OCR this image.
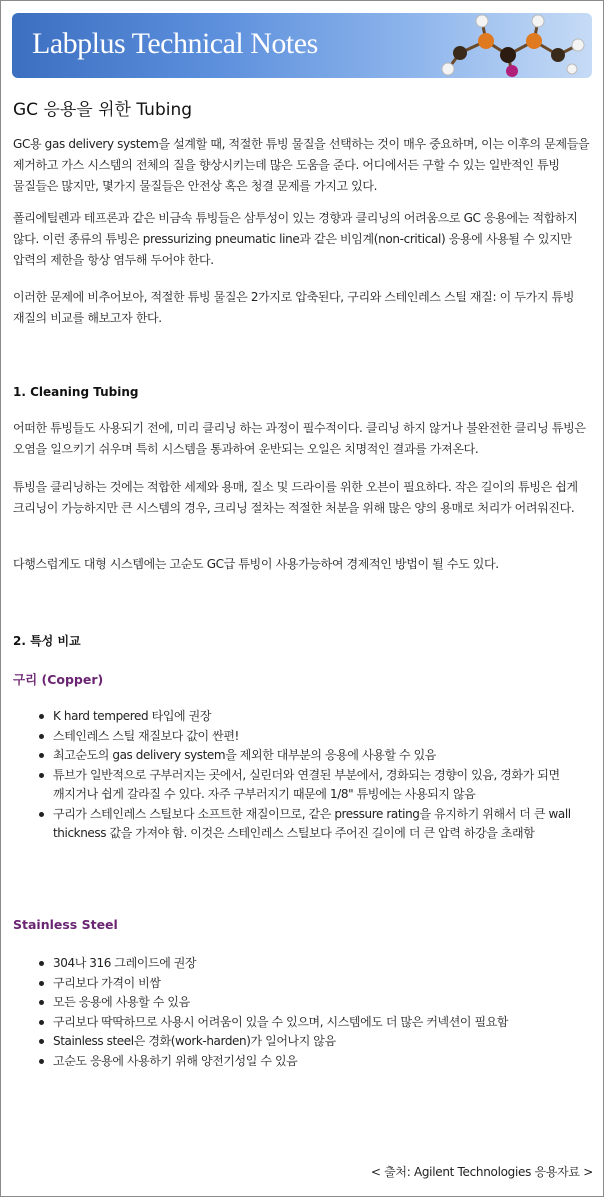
Labplus Technical Notes
GC 응용을 위한 Tubing
GC용 gas delivery system을 설계할 때, 적절한 튜빙 물질을 선택하는 것이 매우 중요하며, 이는 이후의 문제들을 제거하고 가스 시스템의 전체의 질을 향상시키는데 많은 도움을 준다. 어디에서든 구할 수 있는 일반적인 튜빙 물질들은 많지만, 몇가지 물질들은 안전상 혹은 청결 문제를 가지고 있다.
폴리에틸렌과 테프론과 같은 비금속 튜빙들은 삼투성이 있는 경향과 클리닝의 어려움으로 GC 응용에는 적합하지 않다. 이런 종류의 튜빙은 pressurizing pneumatic line과 같은 비임계(non-critical) 응용에 사용될 수 있지만 압력의 제한을 항상 염두해 두어야 한다.
이러한 문제에 비추어보아, 적절한 튜빙 물질은 2가지로 압축된다, 구리와 스테인레스 스틸 재질: 이 두가지 튜빙 재질의 비교를 해보고자 한다.
1. Cleaning Tubing
어떠한 튜빙들도 사용되기 전에, 미리 클리닝 하는 과정이 필수적이다. 클리닝 하지 않거나 불완전한 클리닝 튜빙은 오염을 일으키기 쉬우며 특히 시스템을 통과하여 운반되는 오일은 치명적인 결과를 가져온다.
튜빙을 클리닝하는 것에는 적합한 세제와 용매, 질소 및 드라이를 위한 오븐이 필요하다. 작은 길이의 튜빙은 쉽게 크리닝이 가능하지만 큰 시스템의 경우, 크리닝 절차는 적절한 처분을 위해 많은 양의 용매로 처리가 어려워진다.
다행스럽게도 대형 시스템에는 고순도 GC급 튜빙이 사용가능하여 경제적인 방법이 될 수도 있다.
2. 특성 비교
구리 (Copper)
K hard tempered 타입에 권장
스테인레스 스틸 재질보다 값이 싼편!
최고순도의 gas delivery system을 제외한 대부분의 응용에 사용할 수 있음
튜브가 일반적으로 구부러지는 곳에서, 실린더와 연결된 부분에서, 경화되는 경향이 있음, 경화가 되면 깨지거나 쉽게 갈라질 수 있다. 자주 구부러지기 때문에 1/8" 튜빙에는 사용되지 않음
구리가 스테인레스 스틸보다 소프트한 재질이므로, 같은 pressure rating을 유지하기 위해서 더 큰 wall thickness 값을 가져야 함. 이것은 스테인레스 스틸보다 주어진 길이에 더 큰 압력 하강을 초래함
Stainless Steel
304나 316 그레이드에 권장
구리보다 가격이 비쌈
모든 응용에 사용할 수 있음
구리보다 딱딱하므로 사용시 어려움이 있을 수 있으며, 시스템에도 더 많은 커넥션이 필요함
Stainless steel은 경화(work-harden)가 일어나지 않음
고순도 응용에 사용하기 위해 양전기성일 수 있음
< 출처: Agilent Technologies 응용자료 >
